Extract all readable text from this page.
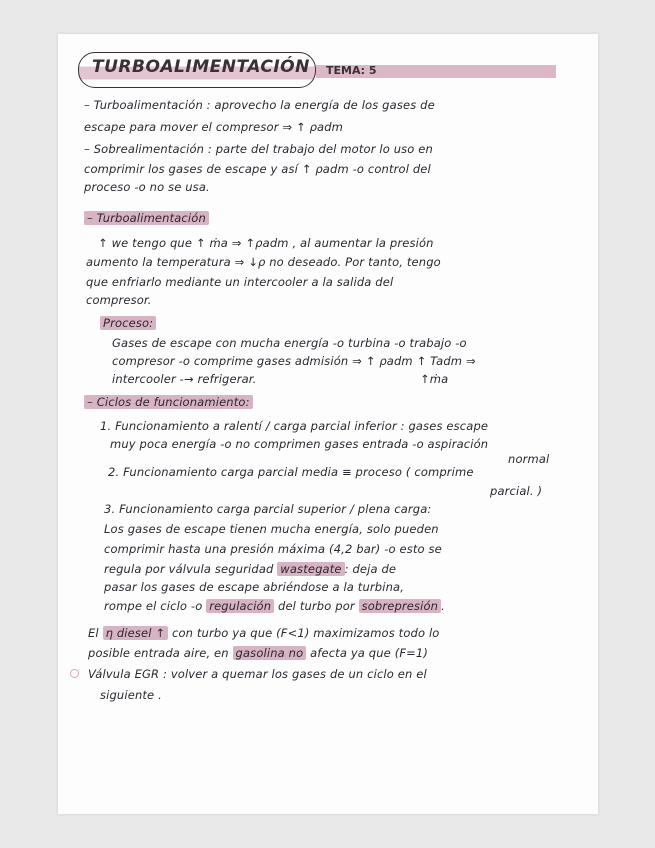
TURBOALIMENTACIÓN TEMA: 5
– Turboalimentación : aprovecho la energía de los gases de
escape para mover el compresor ⇒ ↑ ρadm
– Sobrealimentación : parte del trabajo del motor lo uso en
comprimir los gases de escape y así ↑ ρadm -o control del
proceso -o no se usa.
– Turboalimentación
↑ we tengo que ↑ ṁa ⇒ ↑ρadm , al aumentar la presión
aumento la temperatura ⇒ ↓ρ no deseado. Por tanto, tengo
que enfriarlo mediante un intercooler a la salida del
compresor.
Proceso:
Gases de escape con mucha energía -o turbina -o trabajo -o
compresor -o comprime gases admisión ⇒ ↑ ρadm ↑ Tadm ⇒
intercooler -→ refrigerar.	↑ṁa
– Ciclos de funcionamiento:
1. Funcionamiento a ralentí / carga parcial inferior : gases escape
muy poca energía -o no comprimen gases entrada -o aspiración
normal
2. Funcionamiento carga parcial media ≡ proceso ( comprime
parcial. )
3. Funcionamiento carga parcial superior / plena carga:
Los gases de escape tienen mucha energía, solo pueden
comprimir hasta una presión máxima (4,2 bar) -o esto se
regula por válvula seguridad wastegate : deja de
pasar los gases de escape abriéndose a la turbina,
rompe el ciclo -o regulación del turbo por sobrepresión .
El η diesel ↑ con turbo ya que (F<1) maximizamos todo lo
posible entrada aire, en gasolina no afecta ya que (F=1)
Válvula EGR : volver a quemar los gases de un ciclo en el
siguiente .
